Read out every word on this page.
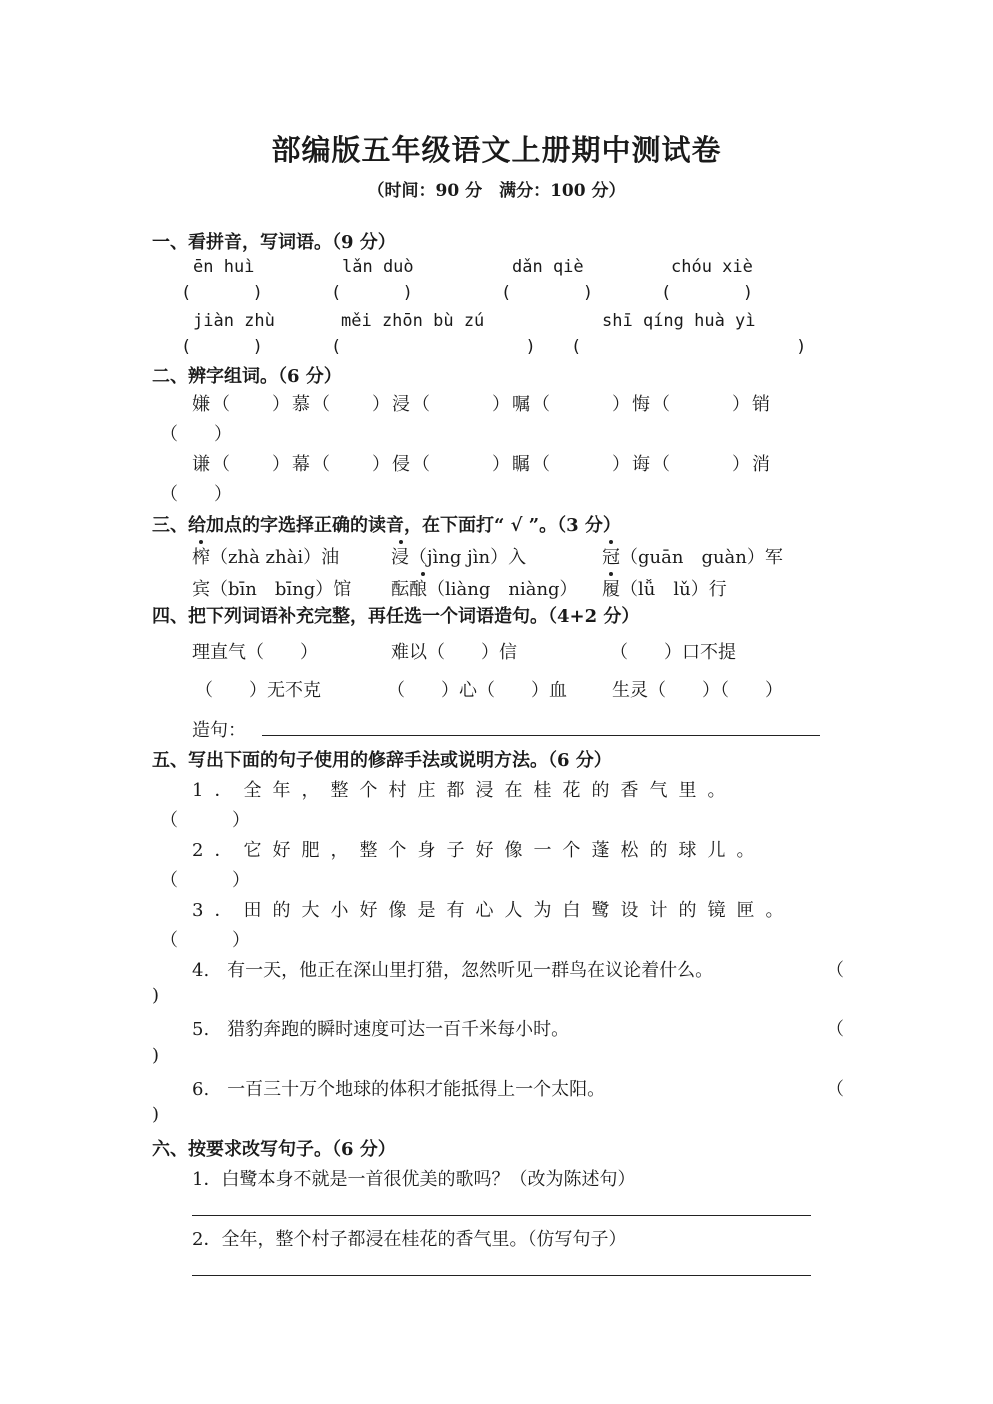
部编版五年级语文上册期中测试卷
（时间：90 分　满分：100 分）
一、看拼音，写词语。（9 分）
ēn huì	lǎn duò	dǎn qiè	chóu xiè
(      )	(      )	(       )	(       )
jiàn zhù	měi zhōn bù zú	shī qíng huà yì
(      )	(                  ) (                     )
二、辨字组词。（6 分）
嫌（　　）慕（　　）浸（　　　）嘱（　　　）悔（　　　）销
（　　）
谦（　　）幕（　　）侵（　　　）瞩（　　　）诲（　　　）消
（　　）
三、给加点的字选择正确的读音，在下面打“ √ ”。（3 分）
榨（zhà zhài）油	浸（jìng jìn）入	冠（guān　guàn）军
宾（bīn　bīng）馆 酝酿（liàng　niàng） 履（lǚ　lǔ）行
四、把下列词语补充完整，再任选一个词语造句。（4+2 分）
理直气（　　）	难以（　　）信	（　　）口不提
（　　）无不克	（　　）心（　　）血	生灵（　　）（　　）
造句：
五、写出下面的句子使用的修辞手法或说明方法。（6 分）
1．全年，整个村庄都浸在桂花的香气里。
（　　　）
2．它好肥，整个身子好像一个蓬松的球儿。
（　　　）
3．田的大小好像是有心人为白鹭设计的镜匣。
（　　　）
4.　有一天，他正在深山里打猎，忽然听见一群鸟在议论着什么。	（
)
5.　猎豹奔跑的瞬时速度可达一百千米每小时。	（
)
6.　一百三十万个地球的体积才能抵得上一个太阳。	（
)
六、按要求改写句子。（6 分）
1．白鹭本身不就是一首很优美的歌吗？（改为陈述句）
2．全年，整个村子都浸在桂花的香气里。（仿写句子）
